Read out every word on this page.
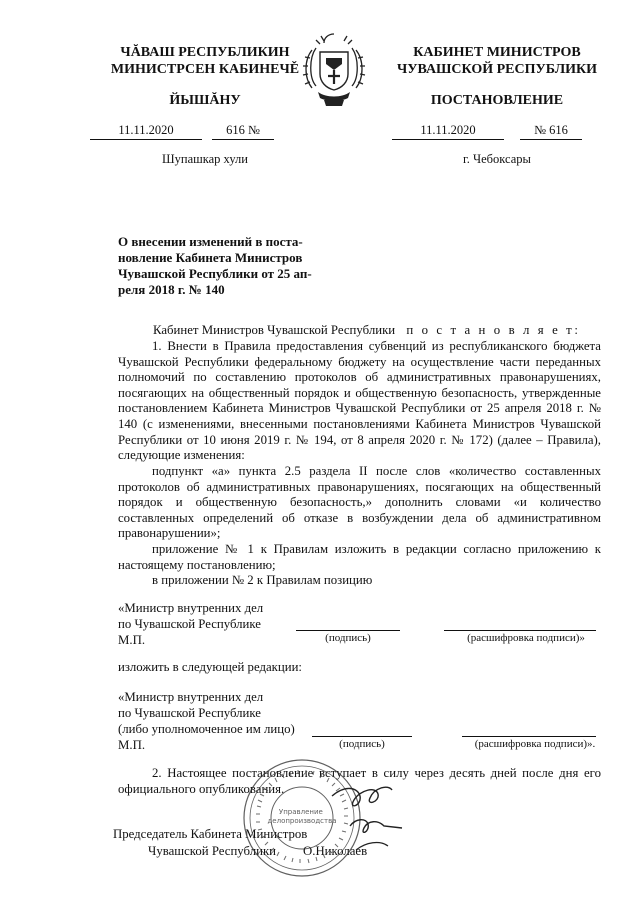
ЧĂВАШ РЕСПУБЛИКИН
МИНИСТРСЕН КАБИНЕЧĚ
ЙЫШĂНУ
КАБИНЕТ МИНИСТРОВ
ЧУВАШСКОЙ РЕСПУБЛИКИ
ПОСТАНОВЛЕНИЕ
11.11.2020	616 №	11.11.2020	№ 616
Шупашкар хули	г. Чебоксары
О внесении изменений в поста-
новление Кабинета Министров
Чувашской Республики от 25 ап-
реля 2018 г. № 140
Кабинет Министров Чувашской Республики п о с т а н о в л я е т:
1. Внести в Правила предоставления субвенций из республиканского бюджета Чувашской Республики федеральному бюджету на осуществление части переданных полномочий по составлению протоколов об административных правонарушениях, посягающих на общественный порядок и общественную безопасность, утвержденные постановлением Кабинета Министров Чувашской Республики от 25 апреля 2018 г. № 140 (с изменениями, внесенными постановлениями Кабинета Министров Чувашской Республики от 10 июня 2019 г. № 194, от 8 апреля 2020 г. № 172) (далее – Правила), следующие изменения:
подпункт «а» пункта 2.5 раздела II после слов «количество составленных протоколов об административных правонарушениях, посягающих на общественный порядок и общественную безопасность,» дополнить словами «и количество составленных определений об отказе в возбуждении дела об административном правонарушении»;
приложение № 1 к Правилам изложить в редакции согласно приложению к настоящему постановлению;
в приложении № 2 к Правилам позицию
«Министр внутренних дел
по Чувашской Республике
М.П.	(подпись)	(расшифровка подписи)»
изложить в следующей редакции:
«Министр внутренних дел
по Чувашской Республике
(либо уполномоченное им лицо)
М.П.	(подпись)	(расшифровка подписи)».
2. Настоящее постановление вступает в силу через десять дней после дня его официального опубликования.
Председатель Кабинета Министров
Чувашской Республики О.Николаев
Управление делопроизводства
